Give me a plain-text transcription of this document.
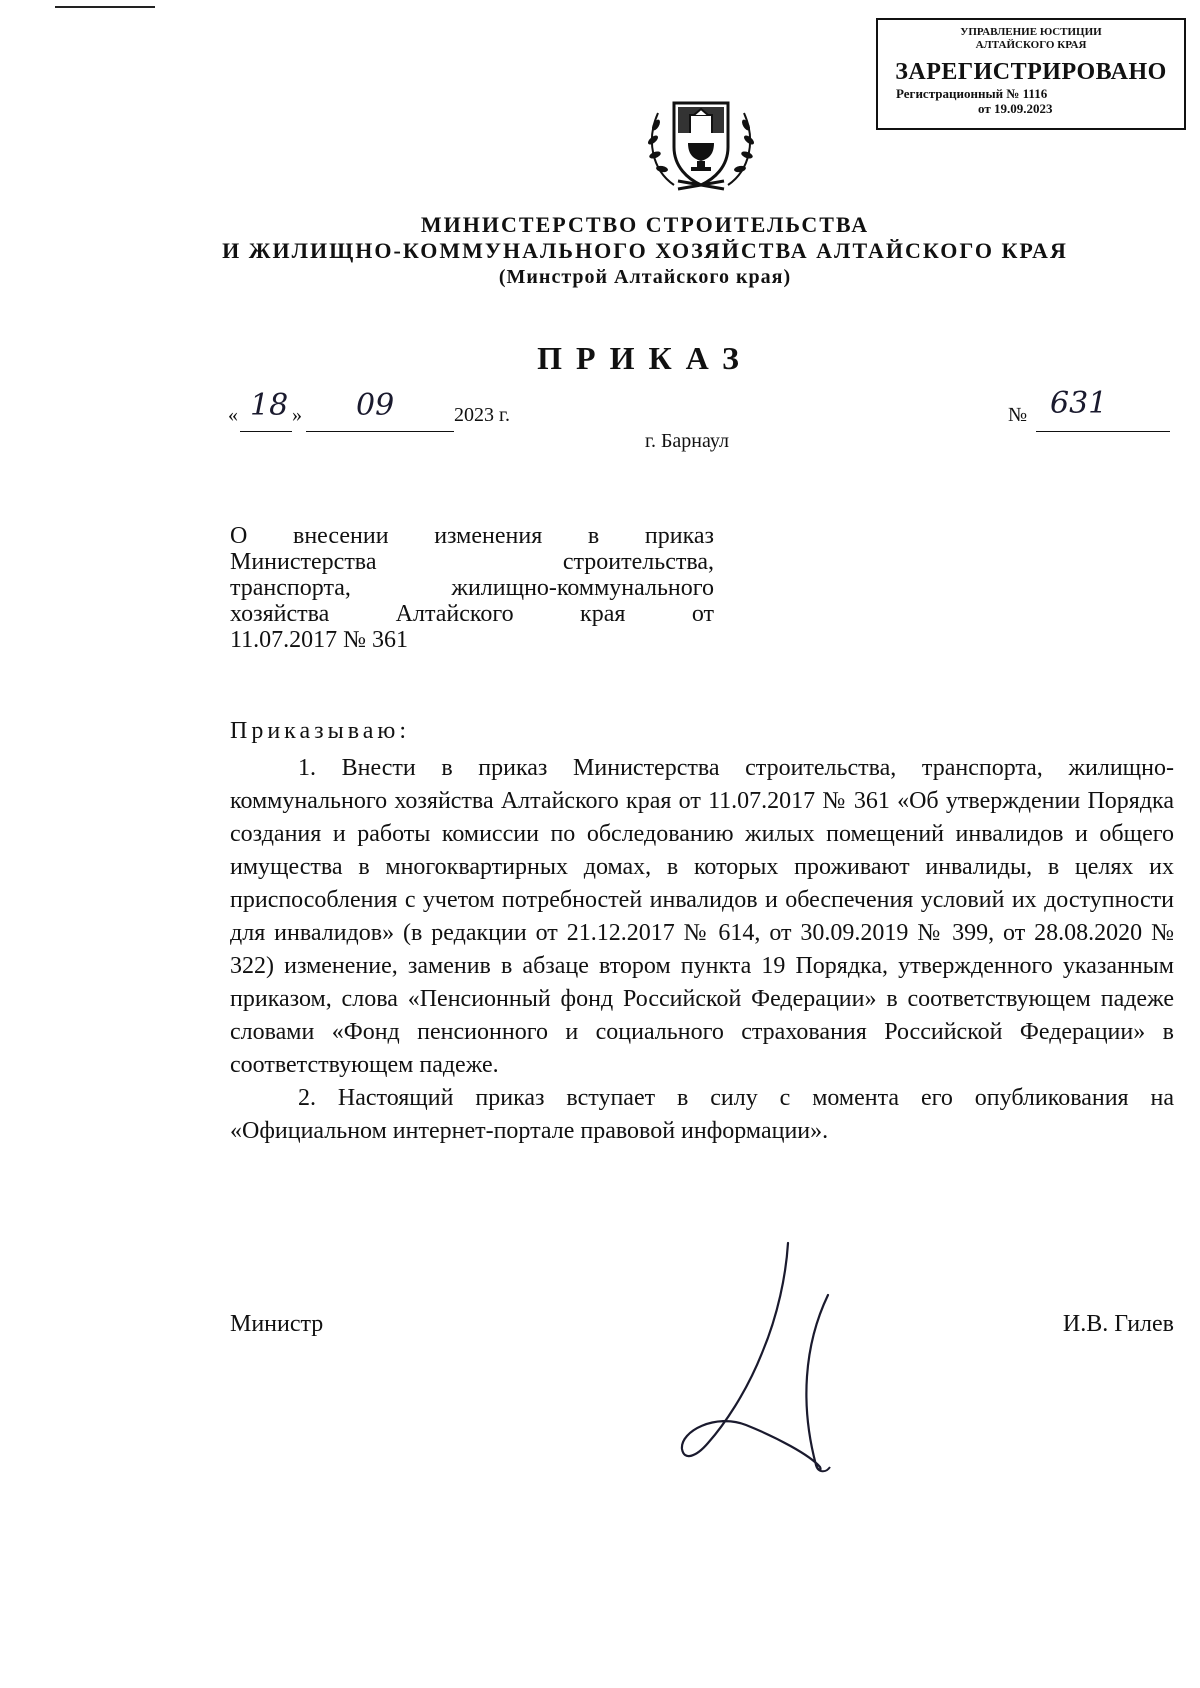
УПРАВЛЕНИЕ ЮСТИЦИИ
АЛТАЙСКОГО КРАЯ
ЗАРЕГИСТРИРОВАНО
Регистрационный № 1116
от 19.09.2023
МИНИСТЕРСТВО СТРОИТЕЛЬСТВА
И ЖИЛИЩНО-КОММУНАЛЬНОГО ХОЗЯЙСТВА АЛТАЙСКОГО КРАЯ
(Минстрой Алтайского края)
ПРИКАЗ
« 18 » 09	2023 г.	№ 631
г. Барнаул
О внесении изменения в приказ
Министерства строительства,
транспорта, жилищно-коммунального
хозяйства Алтайского края от
11.07.2017 № 361
Приказываю:

1. Внести в приказ Министерства строительства, транспорта, жилищно-коммунального хозяйства Алтайского края от 11.07.2017 № 361 «Об утверждении Порядка создания и работы комиссии по обследованию жилых помещений инвалидов и общего имущества в многоквартирных домах, в которых проживают инвалиды, в целях их приспособления с учетом потребностей инвалидов и обеспечения условий их доступности для инвалидов» (в редакции от 21.12.2017 № 614, от 30.09.2019 № 399, от 28.08.2020 № 322) изменение, заменив в абзаце втором пункта 19 Порядка, утвержденного указанным приказом, слова «Пенсионный фонд Российской Федерации» в соответствующем падеже словами «Фонд пенсионного и социального страхования Российской Федерации» в соответствующем падеже.

2. Настоящий приказ вступает в силу с момента его опубликования на «Официальном интернет-портале правовой информации».

Министр	И.В. Гилев
